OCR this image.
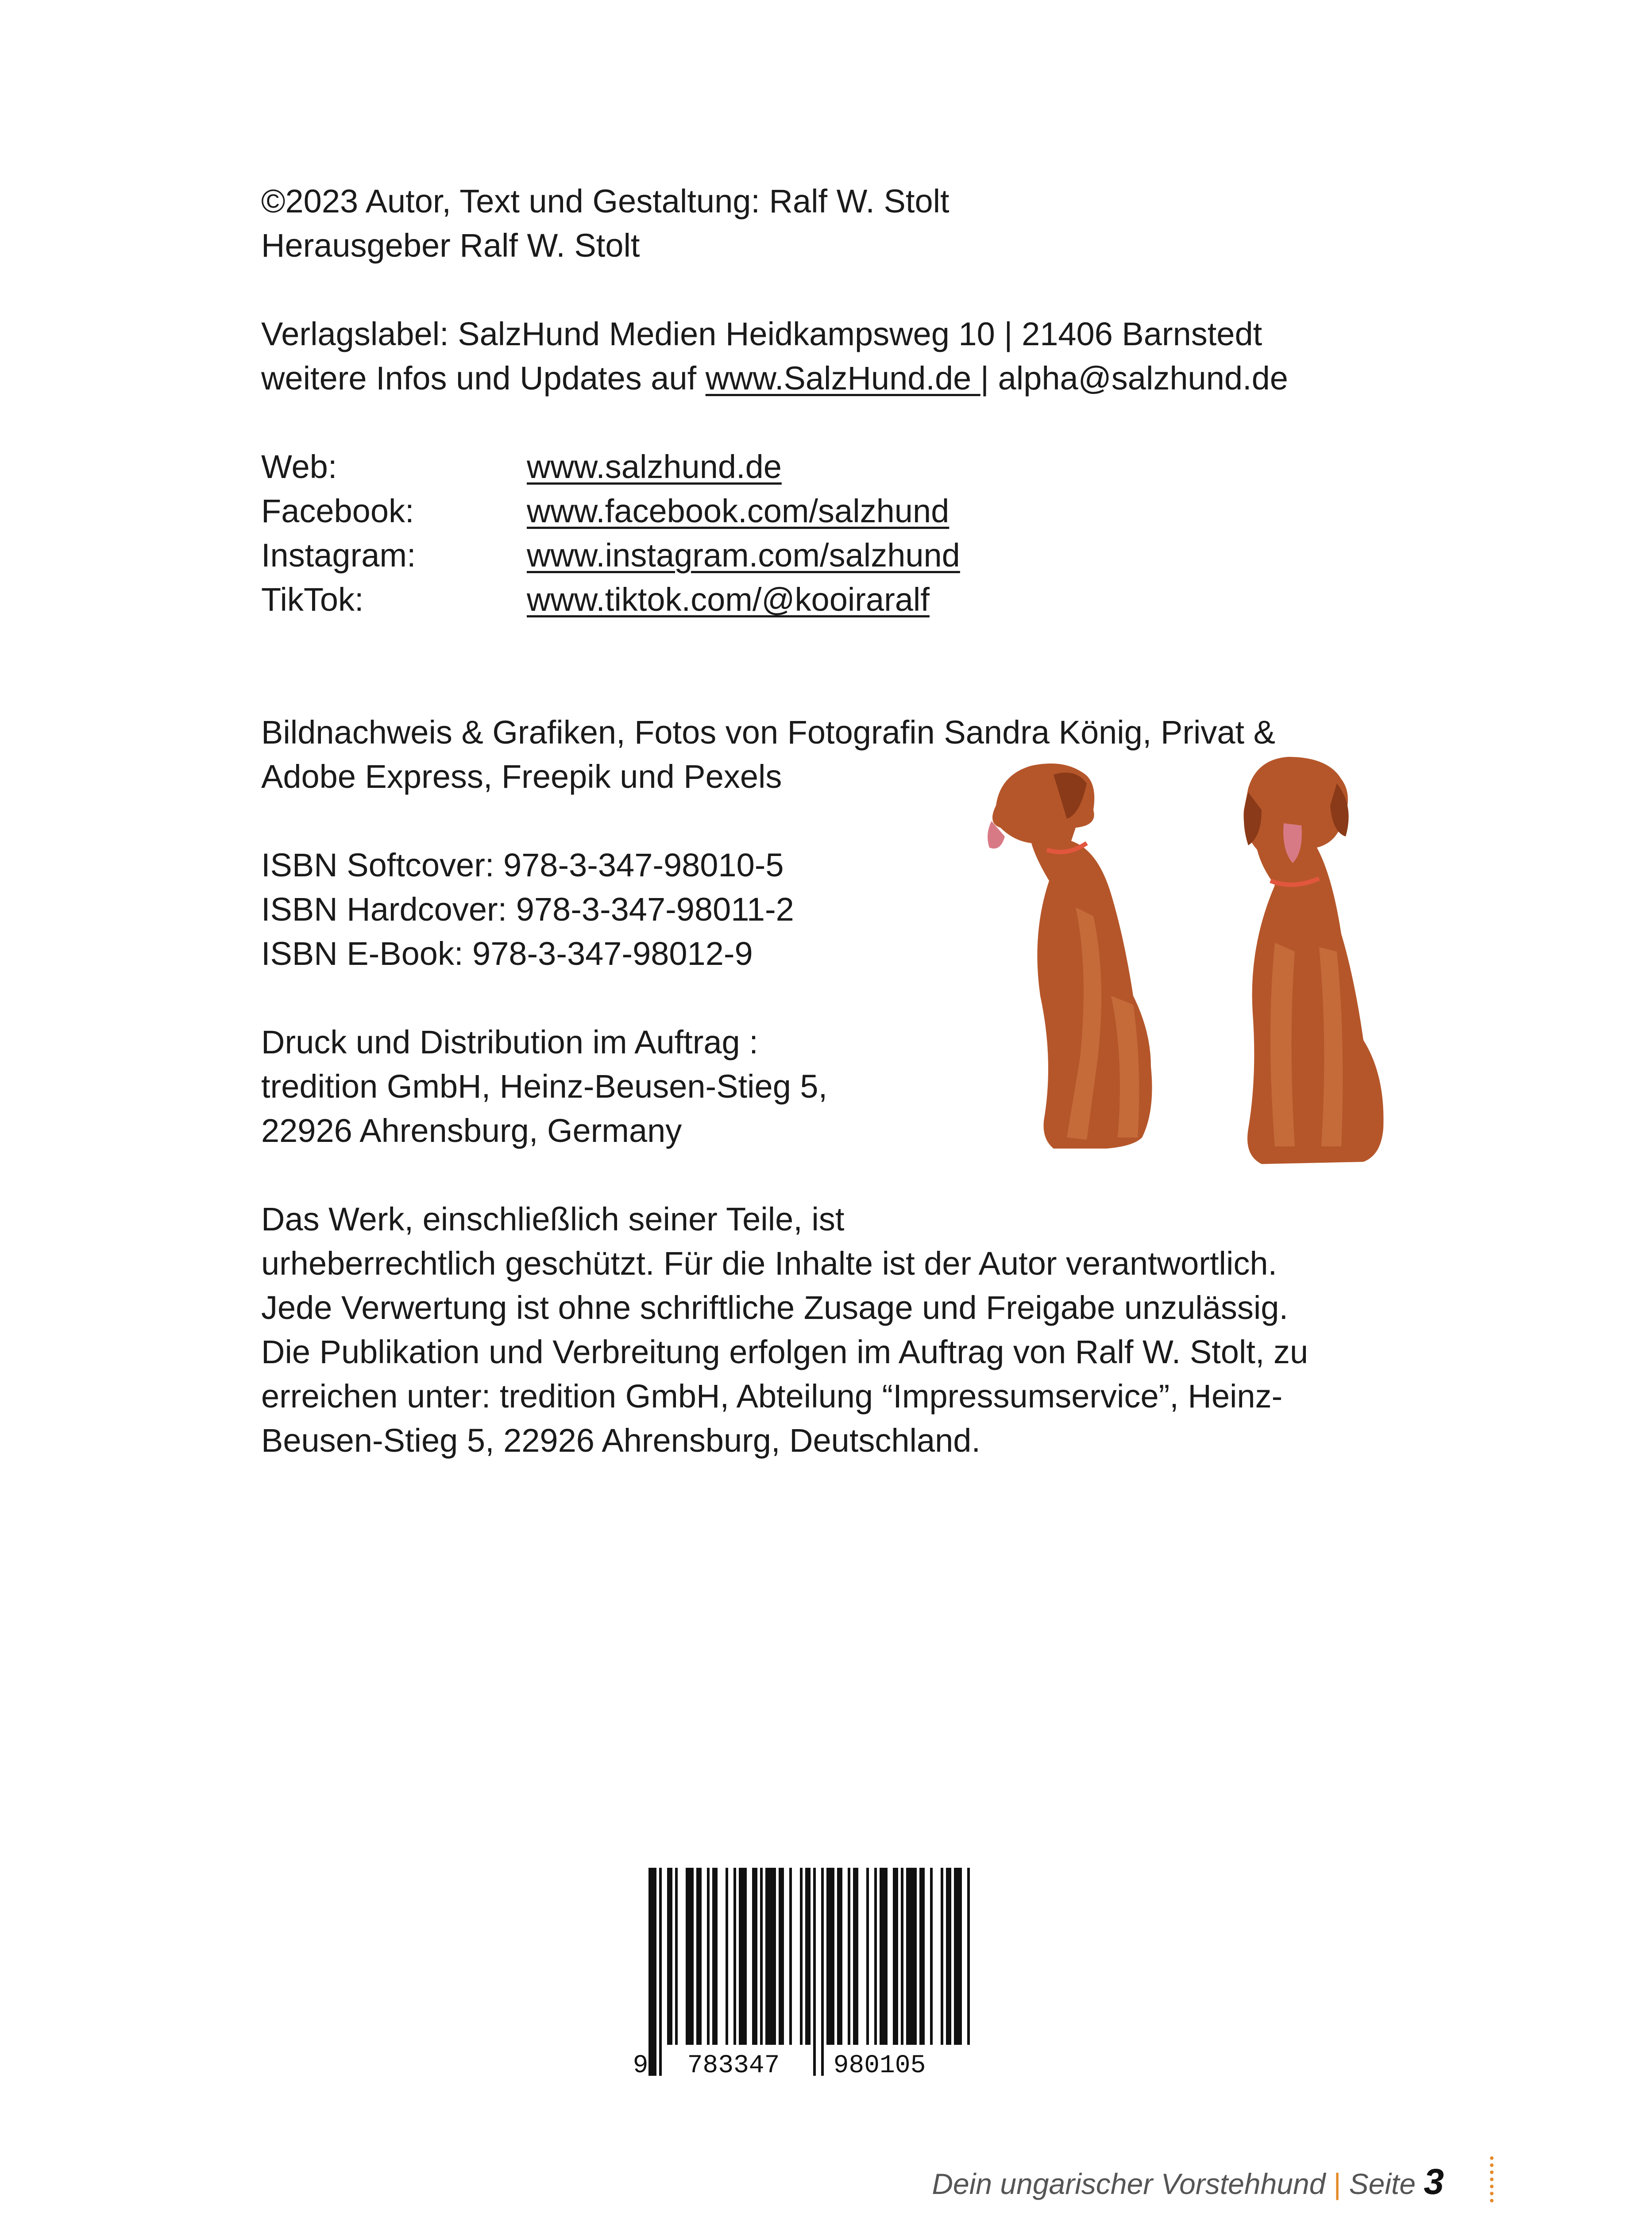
©2023 Autor, Text und Gestaltung: Ralf W. Stolt
Herausgeber Ralf W. Stolt
Verlagslabel: SalzHund Medien Heidkampsweg 10 | 21406 Barnstedt
weitere Infos und Updates auf www.SalzHund.de | alpha@salzhund.de
Web:	www.salzhund.de
Facebook:	www.facebook.com/salzhund
Instagram:	www.instagram.com/salzhund
TikTok:	www.tiktok.com/@kooiraralf
Bildnachweis & Grafiken, Fotos von Fotografin Sandra König, Privat &
Adobe Express, Freepik und Pexels
ISBN Softcover: 978-3-347-98010-5
ISBN Hardcover: 978-3-347-98011-2
ISBN E-Book: 978-3-347-98012-9
Druck und Distribution im Auftrag :
tredition GmbH, Heinz-Beusen-Stieg 5,
22926 Ahrensburg, Germany
Das Werk, einschließlich seiner Teile, ist
urheberrechtlich geschützt. Für die Inhalte ist der Autor verantwortlich.
Jede Verwertung ist ohne schriftliche Zusage und Freigabe unzulässig.
Die Publikation und Verbreitung erfolgen im Auftrag von Ralf W. Stolt, zu
erreichen unter: tredition GmbH, Abteilung “Impressumservice”, Heinz-
Beusen-Stieg 5, 22926 Ahrensburg, Deutschland.
9 783347 980105
Dein ungarischer Vorstehhund | Seite 3
